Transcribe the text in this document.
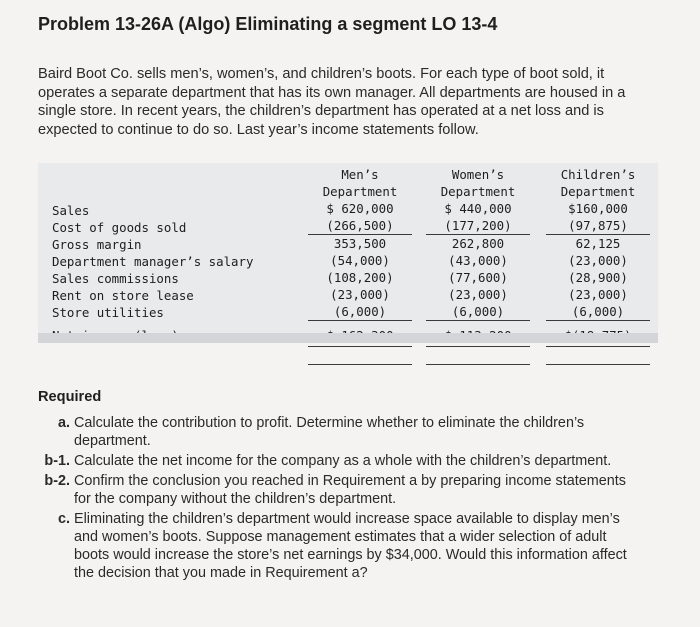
Problem 13-26A (Algo) Eliminating a segment LO 13-4
Baird Boot Co. sells men’s, women’s, and children’s boots. For each type of boot sold, it operates a separate department that has its own manager. All departments are housed in a single store. In recent years, the children’s department has operated at a net loss and is expected to continue to do so. Last year’s income statements follow.
Sales
Cost of goods sold
Gross margin
Department manager’s salary
Sales commissions
Rent on store lease
Store utilities
Men’s
Department
$ 620,000
(266,500)
353,500
(54,000)
(108,200)
(23,000)
(6,000)
Women’s
Department
$ 440,000
(177,200)
262,800
(43,000)
(77,600)
(23,000)
(6,000)
Children’s
Department
$160,000
(97,875)
62,125
(23,000)
(28,900)
(23,000)
(6,000)
Required
a. Calculate the contribution to profit. Determine whether to eliminate the children’s department.
b-1. Calculate the net income for the company as a whole with the children’s department.
b-2. Confirm the conclusion you reached in Requirement a by preparing income statements for the company without the children’s department.
c. Eliminating the children’s department would increase space available to display men’s and women’s boots. Suppose management estimates that a wider selection of adult boots would increase the store’s net earnings by $34,000. Would this information affect the decision that you made in Requirement a?
